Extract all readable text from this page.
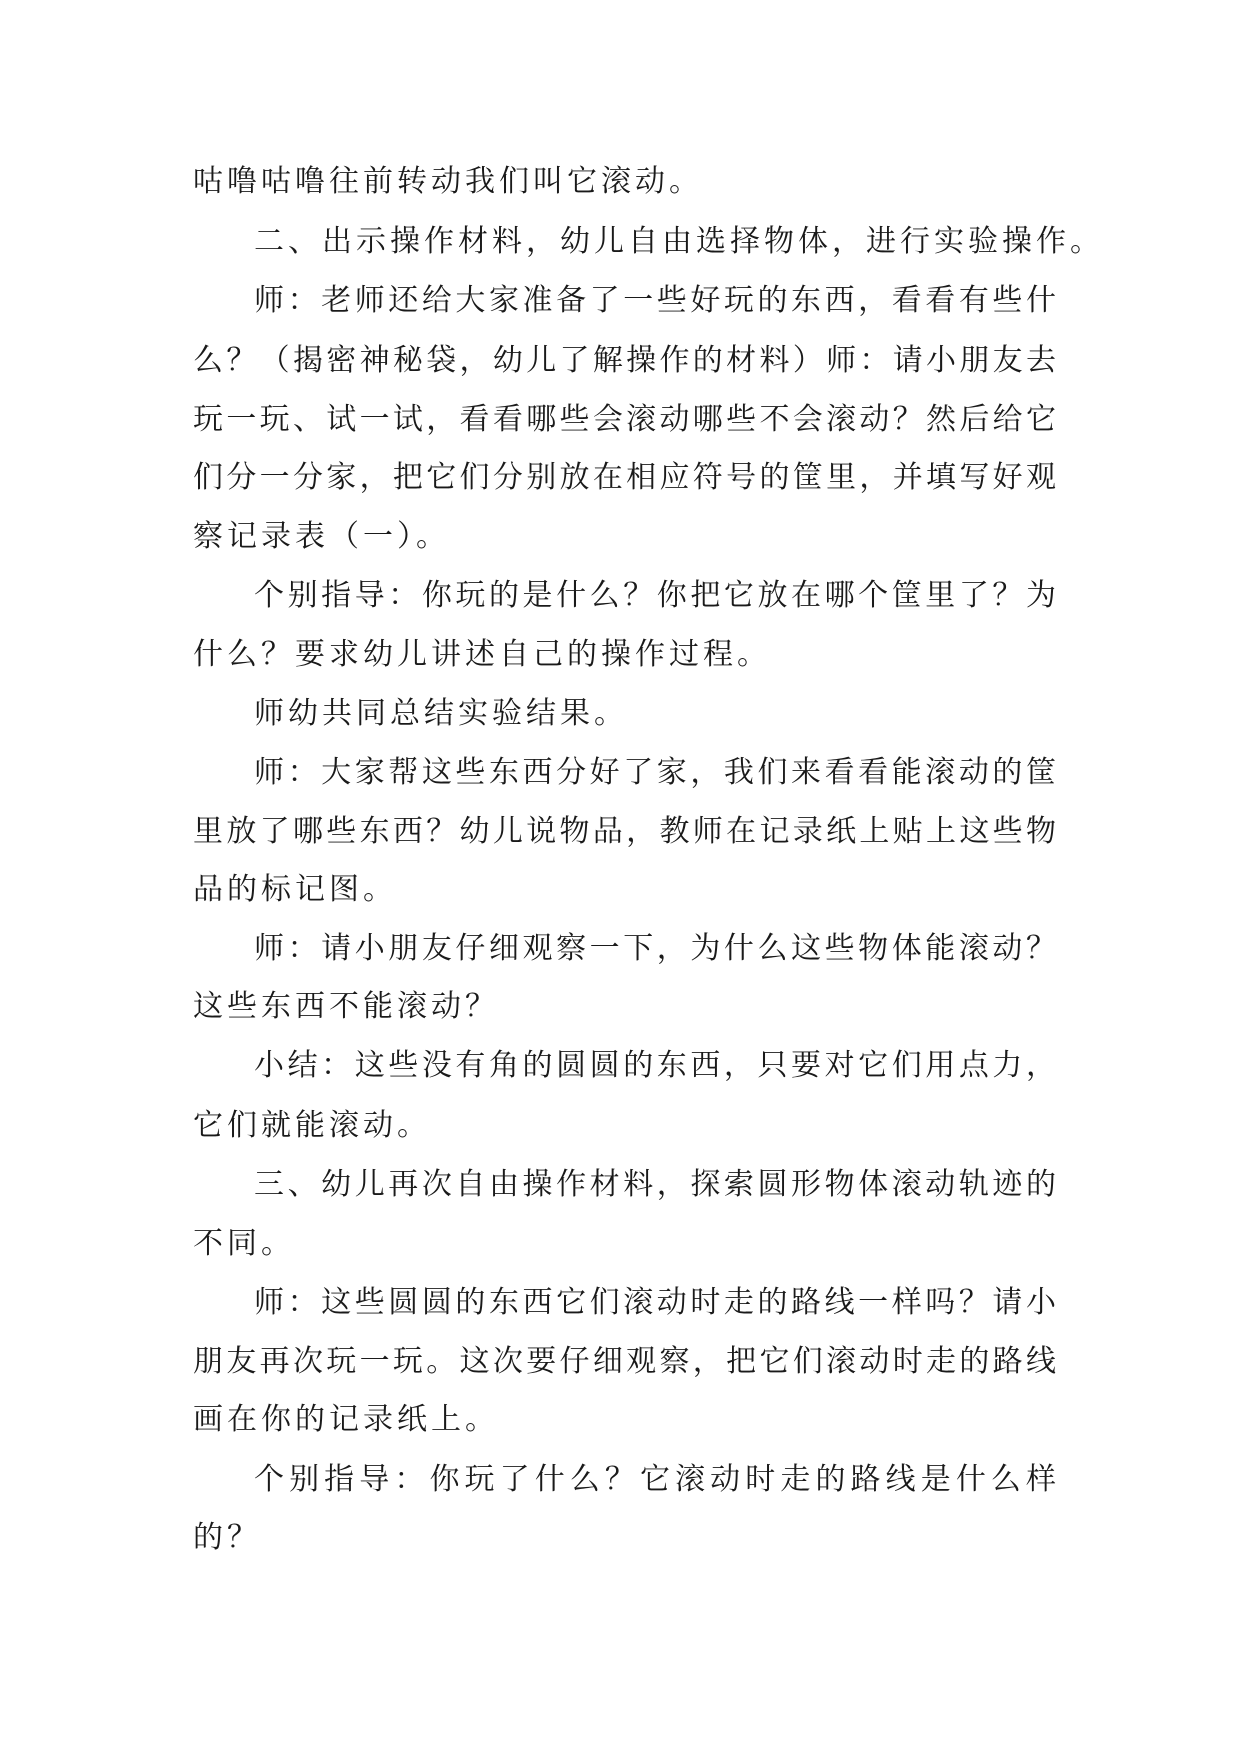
咕噜咕噜往前转动我们叫它滚动。
二、出示操作材料，幼儿自由选择物体，进行实验操作。
师：老师还给大家准备了一些好玩的东西，看看有些什
么？（揭密神秘袋，幼儿了解操作的材料）师：请小朋友去
玩一玩、试一试，看看哪些会滚动哪些不会滚动？然后给它
们分一分家，把它们分别放在相应符号的筐里，并填写好观
察记录表（一）。
个别指导：你玩的是什么？你把它放在哪个筐里了？为
什么？要求幼儿讲述自己的操作过程。
师幼共同总结实验结果。
师：大家帮这些东西分好了家，我们来看看能滚动的筐
里放了哪些东西？幼儿说物品，教师在记录纸上贴上这些物
品的标记图。
师：请小朋友仔细观察一下，为什么这些物体能滚动？
这些东西不能滚动？
小结：这些没有角的圆圆的东西，只要对它们用点力，
它们就能滚动。
三、幼儿再次自由操作材料，探索圆形物体滚动轨迹的
不同。
师：这些圆圆的东西它们滚动时走的路线一样吗？请小
朋友再次玩一玩。这次要仔细观察，把它们滚动时走的路线
画在你的记录纸上。
个别指导：你玩了什么？它滚动时走的路线是什么样
的？
